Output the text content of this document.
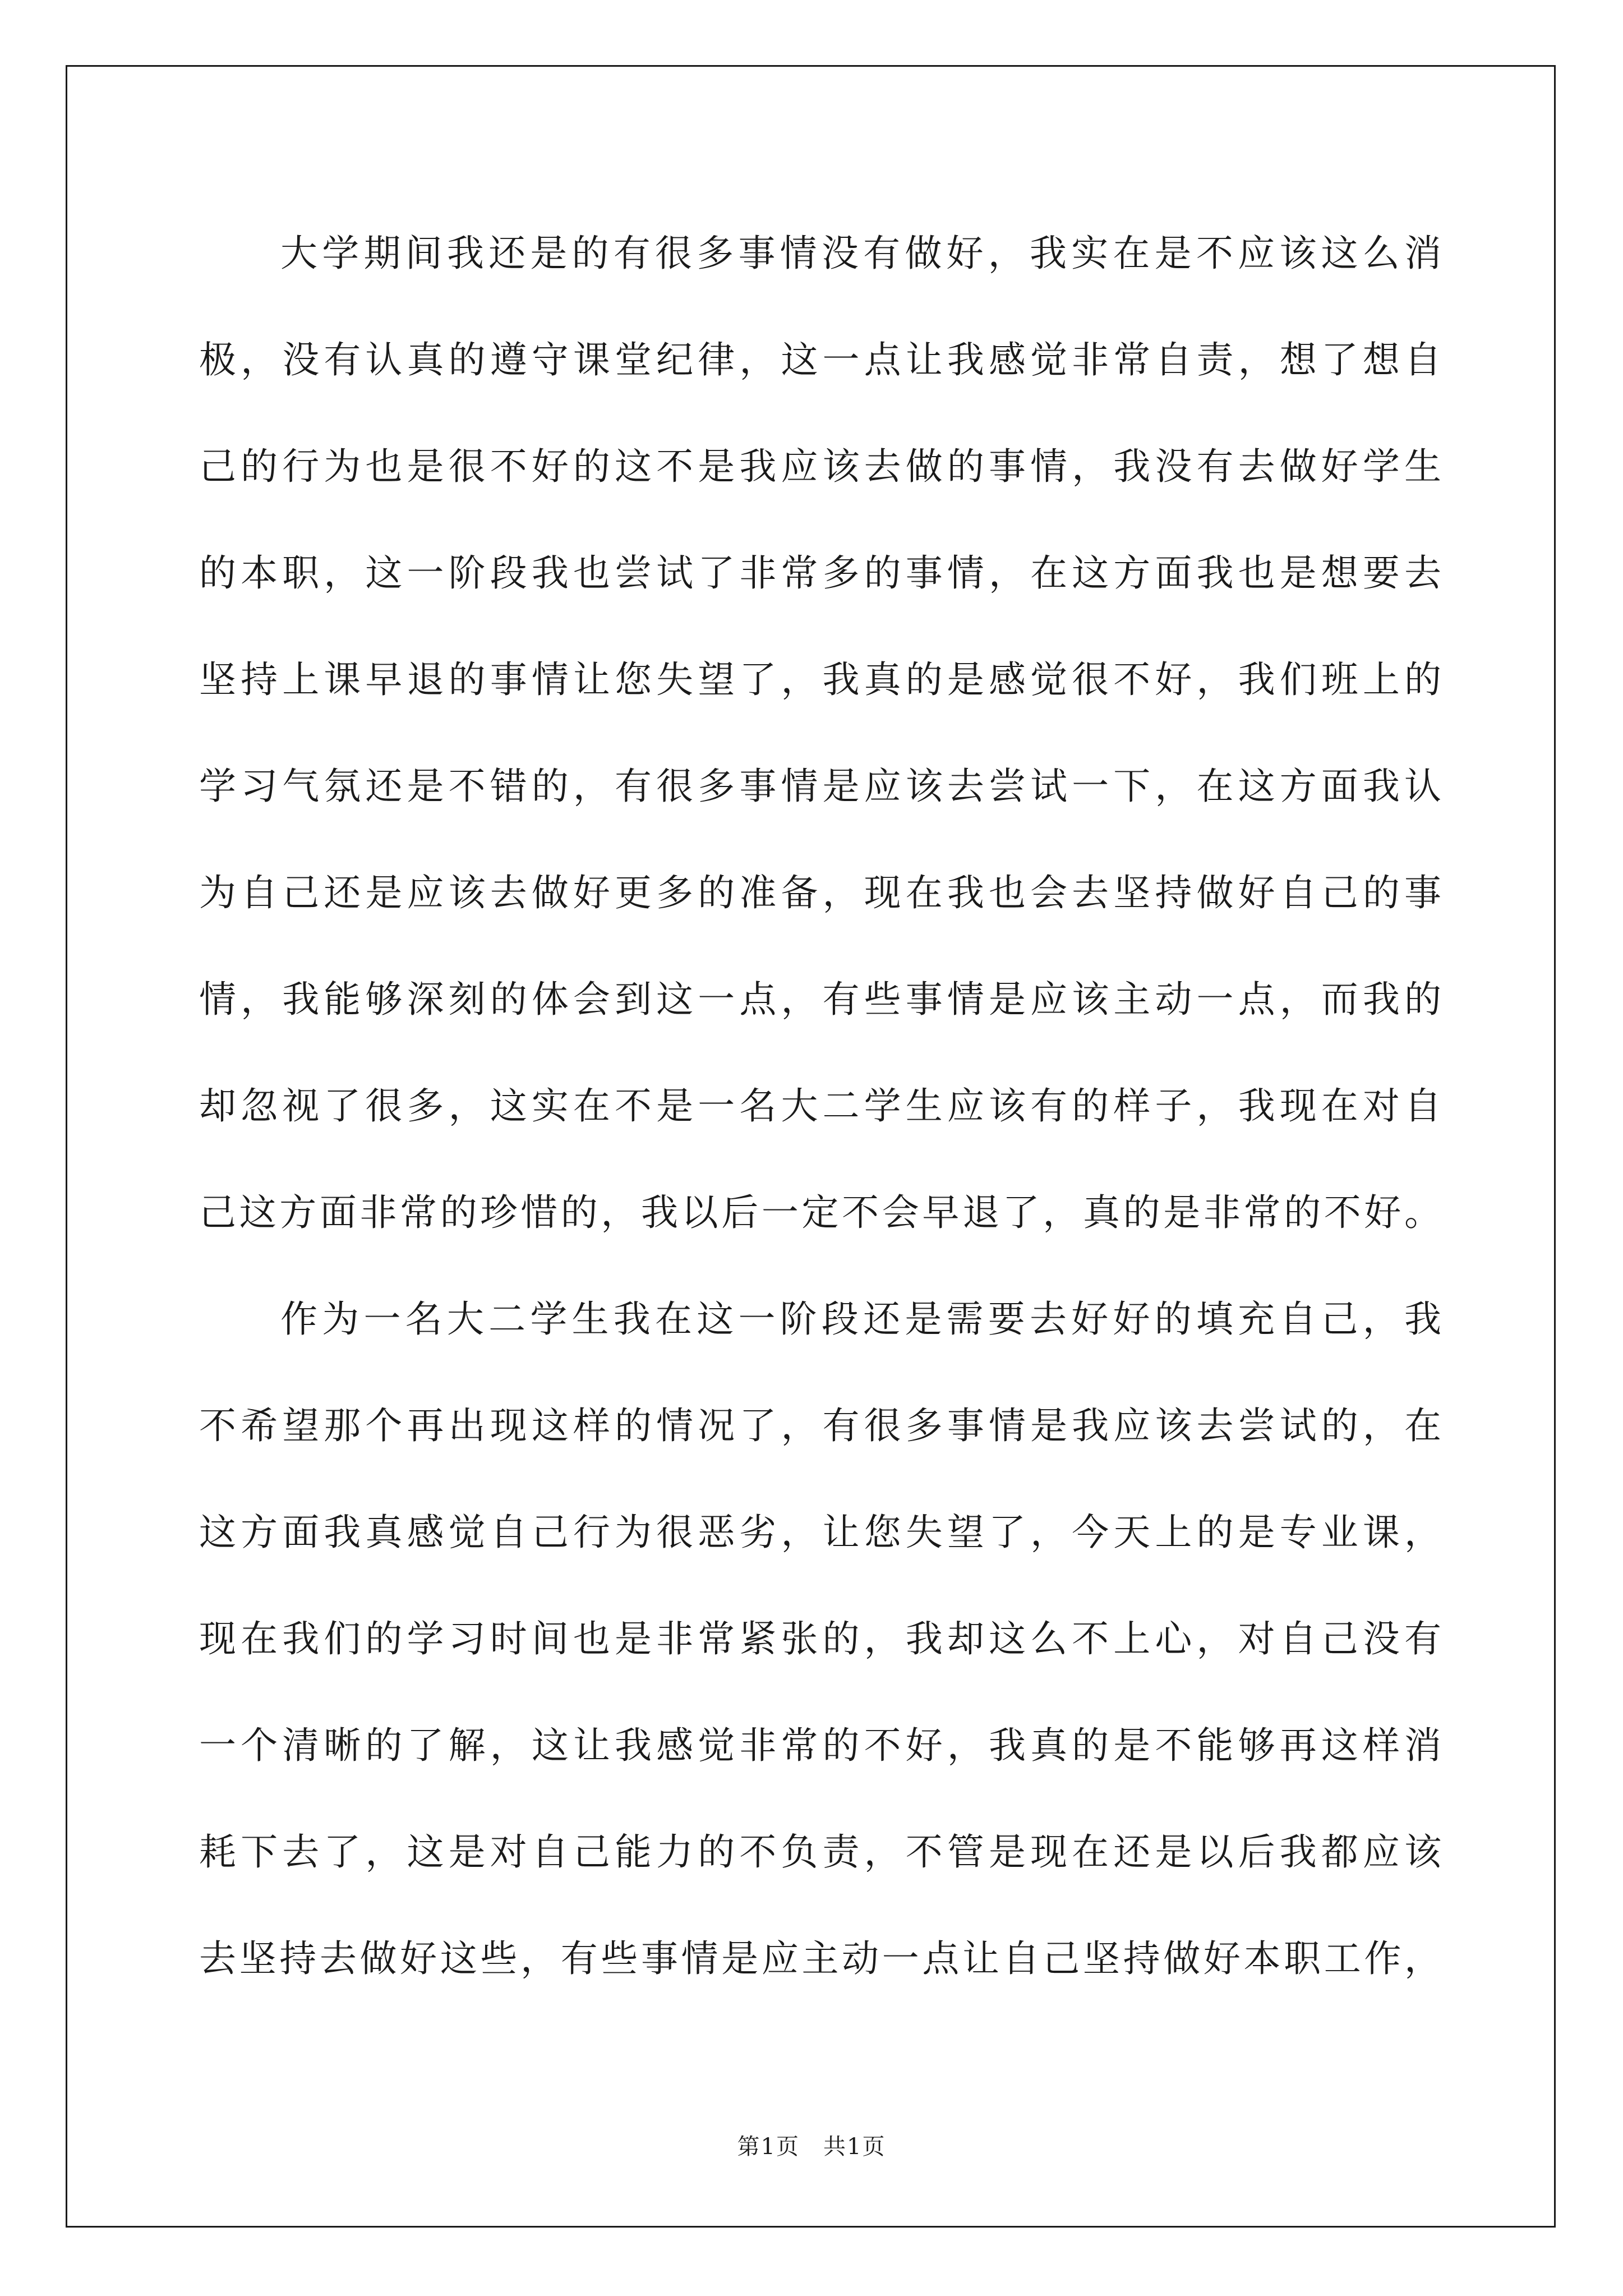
大学期间我还是的有很多事情没有做好，我实在是不应该这么消
极，没有认真的遵守课堂纪律，这一点让我感觉非常自责，想了想自
己的行为也是很不好的这不是我应该去做的事情，我没有去做好学生
的本职，这一阶段我也尝试了非常多的事情，在这方面我也是想要去
坚持上课早退的事情让您失望了，我真的是感觉很不好，我们班上的
学习气氛还是不错的，有很多事情是应该去尝试一下，在这方面我认
为自己还是应该去做好更多的准备，现在我也会去坚持做好自己的事
情，我能够深刻的体会到这一点，有些事情是应该主动一点，而我的
却忽视了很多，这实在不是一名大二学生应该有的样子，我现在对自
己这方面非常的珍惜的，我以后一定不会早退了，真的是非常的不好。
作为一名大二学生我在这一阶段还是需要去好好的填充自己，我
不希望那个再出现这样的情况了，有很多事情是我应该去尝试的，在
这方面我真感觉自己行为很恶劣，让您失望了，今天上的是专业课，
现在我们的学习时间也是非常紧张的，我却这么不上心，对自己没有
一个清晰的了解，这让我感觉非常的不好，我真的是不能够再这样消
耗下去了，这是对自己能力的不负责，不管是现在还是以后我都应该
去坚持去做好这些，有些事情是应主动一点让自己坚持做好本职工作，
第1页　共1页
